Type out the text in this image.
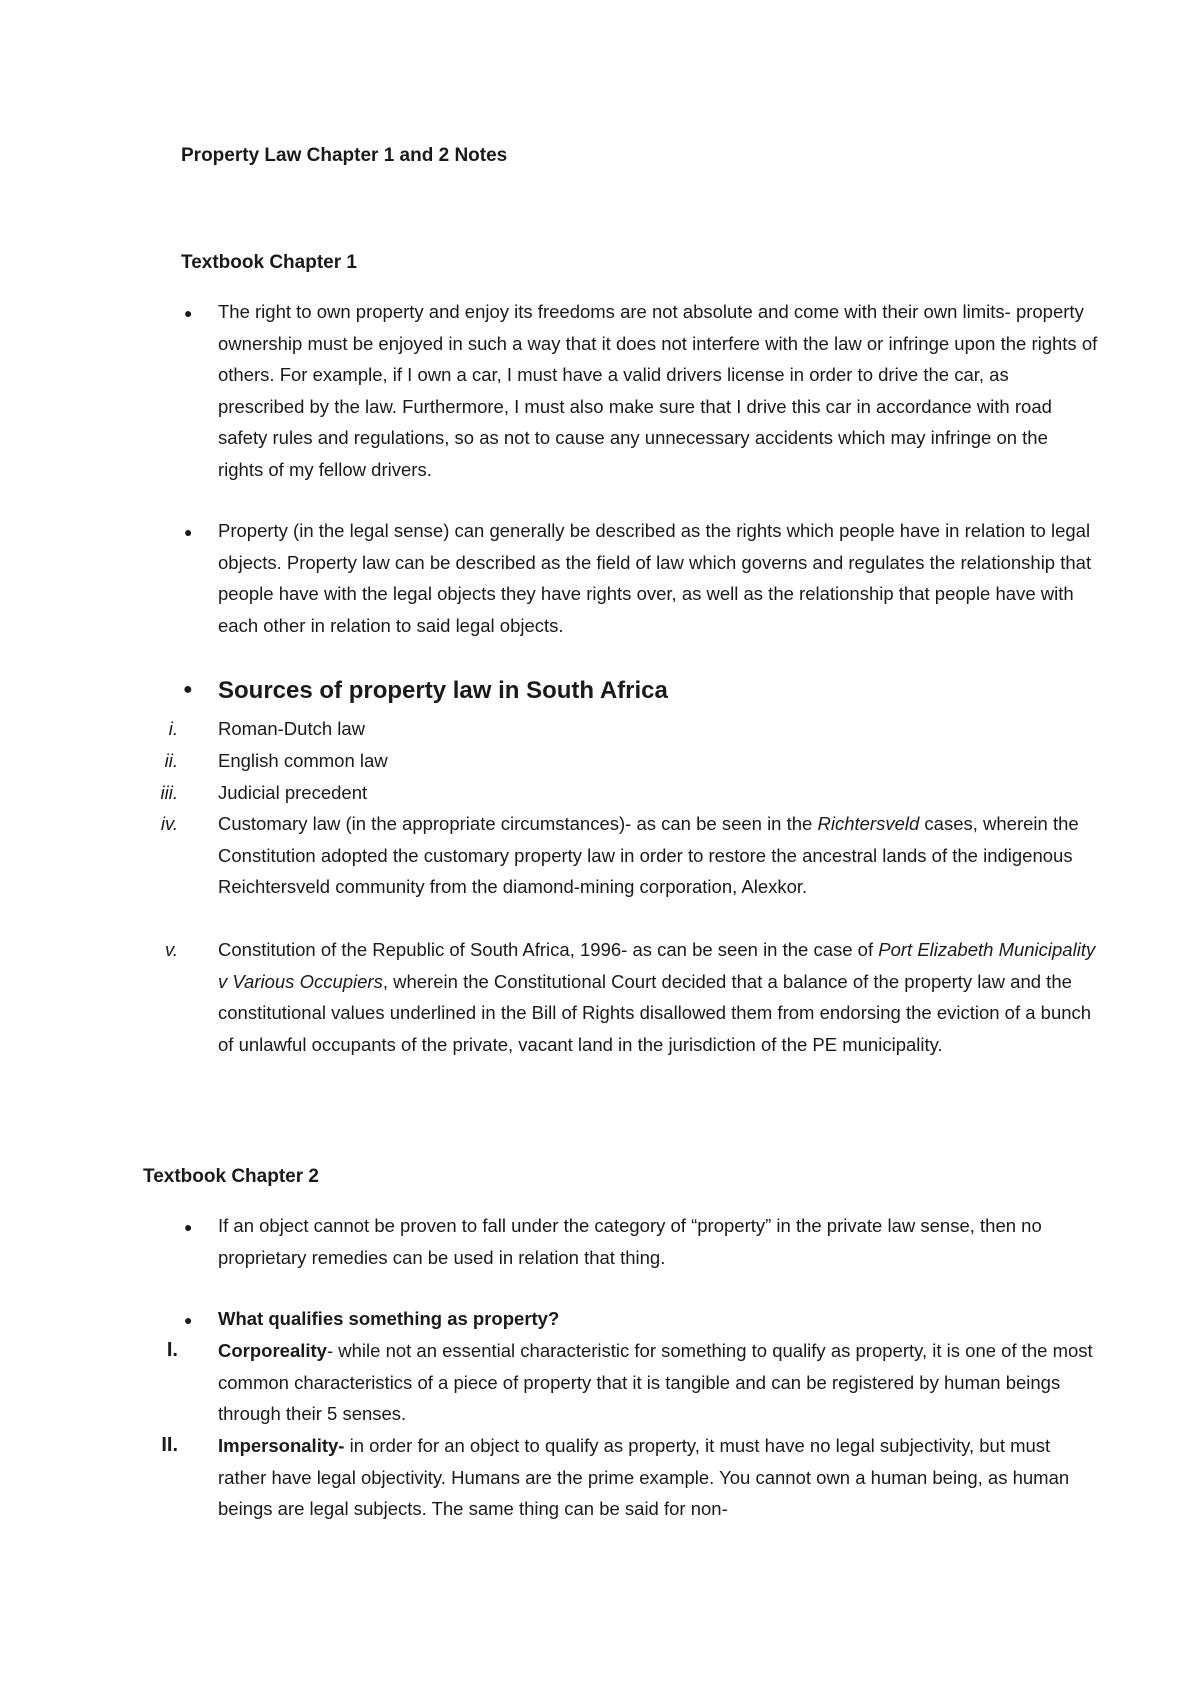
Property Law Chapter 1 and 2 Notes
Textbook Chapter 1
● The right to own property and enjoy its freedoms are not absolute and come with their own limits- property ownership must be enjoyed in such a way that it does not interfere with the law or infringe upon the rights of others. For example, if I own a car, I must have a valid drivers license in order to drive the car, as prescribed by the law. Furthermore, I must also make sure that I drive this car in accordance with road safety rules and regulations, so as not to cause any unnecessary accidents which may infringe on the rights of my fellow drivers.

● Property (in the legal sense) can generally be described as the rights which people have in relation to legal objects. Property law can be described as the field of law which governs and regulates the relationship that people have with the legal objects they have rights over, as well as the relationship that people have with each other in relation to said legal objects.

● Sources of property law in South Africa
i. Roman-Dutch law

ii. English common law

iii. Judicial precedent

iv. Customary law (in the appropriate circumstances)- as can be seen in the Richtersveld cases, wherein the Constitution adopted the customary property law in order to restore the ancestral lands of the indigenous Reichtersveld community from the diamond-mining corporation, Alexkor.

v. Constitution of the Republic of South Africa, 1996- as can be seen in the case of Port Elizabeth Municipality v Various Occupiers, wherein the Constitutional Court decided that a balance of the property law and the constitutional values underlined in the Bill of Rights disallowed them from endorsing the eviction of a bunch of unlawful occupants of the private, vacant land in the jurisdiction of the PE municipality.

Textbook Chapter 2
● If an object cannot be proven to fall under the category of “property” in the private law sense, then no proprietary remedies can be used in relation that thing.

● What qualifies something as property?

I. Corporeality- while not an essential characteristic for something to qualify as property, it is one of the most common characteristics of a piece of property that it is tangible and can be registered by human beings through their 5 senses.

II. Impersonality- in order for an object to qualify as property, it must have no legal subjectivity, but must rather have legal objectivity. Humans are the prime example. You cannot own a human being, as human beings are legal subjects. The same thing can be said for non-
